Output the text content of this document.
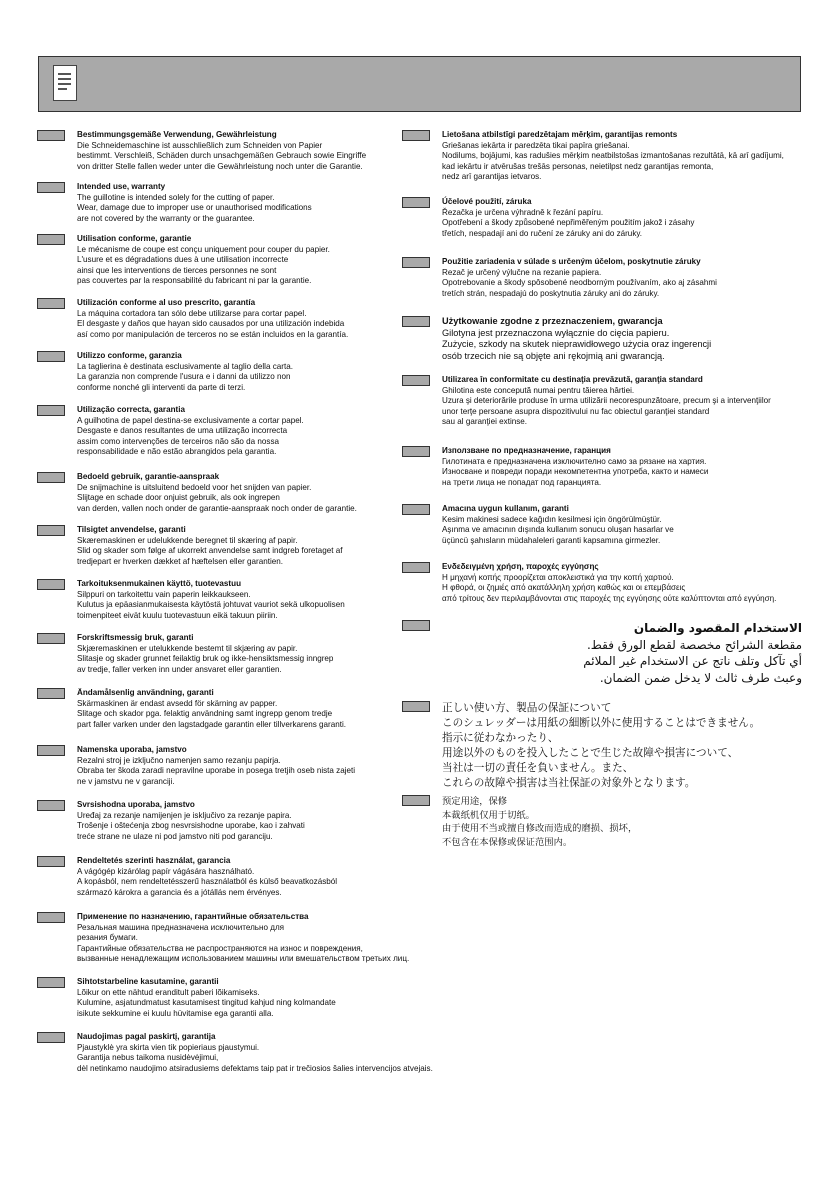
Bestimmungsgemäße Verwendung, Gewährleistung
Die Schneidemaschine ist ausschließlich zum Schneiden von Papier
bestimmt. Verschleiß, Schäden durch unsachgemäßen Gebrauch sowie Eingriffe
von dritter Stelle fallen weder unter die Gewährleistung noch unter die Garantie.
Intended use, warranty
The guillotine is intended solely for the cutting of paper.
Wear, damage due to improper use or unauthorised modifications
are not covered by the warranty or the guarantee.
Utilisation conforme, garantie
Le mécanisme de coupe est conçu uniquement pour couper du papier.
L'usure et es dégradations dues à une utilisation incorrecte
ainsi que les interventions de tierces personnes ne sont
pas couvertes par la responsabilité du fabricant ni par la garantie.
Utilización conforme al uso prescrito, garantía
La máquina cortadora tan sólo debe utilizarse para cortar papel.
El desgaste y daños que hayan sido causados por una utilización indebida
así como por manipulación de terceros no se están incluidos en la garantía.
Utilizzo conforme, garanzia
La taglierina è destinata esclusivamente al taglio della carta.
La garanzia non comprende l'usura e i danni da utilizzo non
conforme nonché gli interventi da parte di terzi.
Utilização correcta, garantia
A guilhotina de papel destina-se exclusivamente a cortar papel.
Desgaste e danos resultantes de uma utilização incorrecta
assim como intervenções de terceiros não são da nossa
responsabilidade e não estão abrangidos pela garantia.
Bedoeld gebruik, garantie-aanspraak
De snijmachine is uitsluitend bedoeld voor het snijden van papier.
Slijtage en schade door onjuist gebruik, als ook ingrepen
van derden, vallen noch onder de garantie-aanspraak noch onder de garantie.
Tilsigtet anvendelse, garanti
Skæremaskinen er udelukkende beregnet til skæring af papir.
Slid og skader som følge af ukorrekt anvendelse samt indgreb foretaget af
tredjepart er hverken dækket af hæftelsen eller garantien.
Tarkoituksenmukainen käyttö, tuotevastuu
Silppuri on tarkoitettu vain paperin leikkaukseen.
Kulutus ja epäasianmukaisesta käytöstä johtuvat vauriot sekä ulkopuolisen
toimenpiteet eivät kuulu tuotevastuun eikä takuun piiriin.
Forskriftsmessig bruk, garanti
Skjæremaskinen er utelukkende bestemt til skjæring av papir.
Slitasje og skader grunnet feilaktig bruk og ikke-hensiktsmessig inngrep
av tredje, faller verken inn under ansvaret eller garantien.
Ändamålsenlig användning, garanti
Skärmaskinen är endast avsedd för skärning av papper.
Slitage och skador pga. felaktig användning samt ingrepp genom tredje
part faller varken under den lagstadgade garantin eller tillverkarens garanti.
Namenska uporaba, jamstvo
Rezalni stroj je izključno namenjen samo rezanju papirja.
Obraba ter škoda zaradi nepravilne uporabe in posega tretjih oseb nista zajeti
ne v jamstvu ne v garanciji.
Svrsishodna uporaba, jamstvo
Uređaj za rezanje namijenjen je isključivo za rezanje papira.
Trošenje i oštećenja zbog nesvrsishodne uporabe, kao i zahvati
treće strane ne ulaze ni pod jamstvo niti pod garanciju.
Rendeltetés szerinti használat, garancia
A vágógép kizárólag papír vágására használható.
A kopásból, nem rendeltetésszerű használatból és külső beavatkozásból
származó károkra a garancia és a jótállás nem érvényes.
Применение по назначению, гарантийные обязательства
Резальная машина предназначена исключительно для
резания бумаги.
Гарантийные обязательства не распространяются на износ и повреждения,
вызванные ненадлежащим использованием машины или вмешательством третьих лиц.
Sihtotstarbeline kasutamine, garantii
Lõikur on ette nähtud eranditult paberi lõikamiseks.
Kulumine, asjatundmatust kasutamisest tingitud kahjud ning kolmandate
isikute sekkumine ei kuulu hüvitamise ega garantii alla.
Naudojimas pagal paskirtį, garantija
Pjaustyklė yra skirta vien tik popieriaus pjaustymui.
Garantija nebus taikoma nusidėvėjimui,
dėl netinkamo naudojimo atsiradusiems defektams taip pat ir trečiosios šalies intervencijos atvejais.
Lietošana atbilstīgi paredzētajam mērķim, garantijas remonts
Griešanas iekārta ir paredzēta tikai papīra griešanai.
Nodilums, bojājumi, kas radušies mērķim neatbilstošas izmantošanas rezultātā, kā arī gadījumi,
kad iekārtu ir atvērušas trešās personas, neietilpst nedz garantijas remonta,
nedz arī garantijas ietvaros.
Účelové použití, záruka
Řezačka je určena výhradně k řezání papíru.
Opotřebení a škody způsobené nepřiměřeným použitím jakož i zásahy
třetích, nespadají ani do ručení ze záruky ani do záruky.
Použitie zariadenia v súlade s určeným účelom, poskytnutie záruky
Rezač je určený výlučne na rezanie papiera.
Opotrebovanie a škody spôsobené neodborným používaním, ako aj zásahmi
tretích strán, nespadajú do poskytnutia záruky ani do záruky.
Użytkowanie zgodne z przeznaczeniem, gwarancja
Gilotyna jest przeznaczona wyłącznie do cięcia papieru.
Zużycie, szkody na skutek nieprawidłowego użycia oraz ingerencji
osób trzecich nie są objęte ani rękojmią ani gwarancją.
Utilizarea în conformitate cu destinaţia prevăzută, garanţia standard
Ghilotina este concepută numai pentru tăierea hârtiei.
Uzura şi deteriorările produse în urma utilizării necorespunzătoare, precum şi a intervenţiilor
unor terţe persoane asupra dispozitivului nu fac obiectul garanţiei standard
sau al garanţiei extinse.
Използване по предназначение, гаранция
Гилотината е предназначена изключително само за рязане на хартия.
Износване и повреди поради некомпетентна употреба, както и намеси
на трети лица не попадат под гаранцията.
Amacına uygun kullanım, garanti
Kesim makinesi sadece kağıdın kesilmesi için öngörülmüştür.
Aşınma ve amacının dışında kullanım sonucu oluşan hasarlar ve
üçüncü şahısların müdahaleleri garanti kapsamına girmezler.
Ενδεδειγμένη χρήση, παροχές εγγύησης
Η μηχανή κοπής προορίζεται αποκλειστικά για την κοπή χαρτιού.
Η φθορά, οι ζημιές από ακατάλληλη χρήση καθώς και οι επεμβάσεις
από τρίτους δεν περιλαμβάνονται στις παροχές της εγγύησης ούτε καλύπτονται από εγγύηση.
الاستخدام المقصود والضمان
مقطعة الشرائح مخصصة لقطع الورق فقط.
أي تآكل وتلف ناتج عن الاستخدام غير الملائم
وعبث طرف ثالث لا يدخل ضمن الضمان.
正しい使い方、製品の保証について
このシュレッダーは用紙の細断以外に使用することはできません。
指示に従わなかったり、
用途以外のものを投入したことで生じた故障や損害について、
当社は一切の責任を負いません。また、
これらの故障や損害は当社保証の対象外となります。
预定用途，保修
本裁纸机仅用于切纸。
由于使用不当或擅自修改而造成的磨损、损坏，
不包含在本保修或保证范围内。
